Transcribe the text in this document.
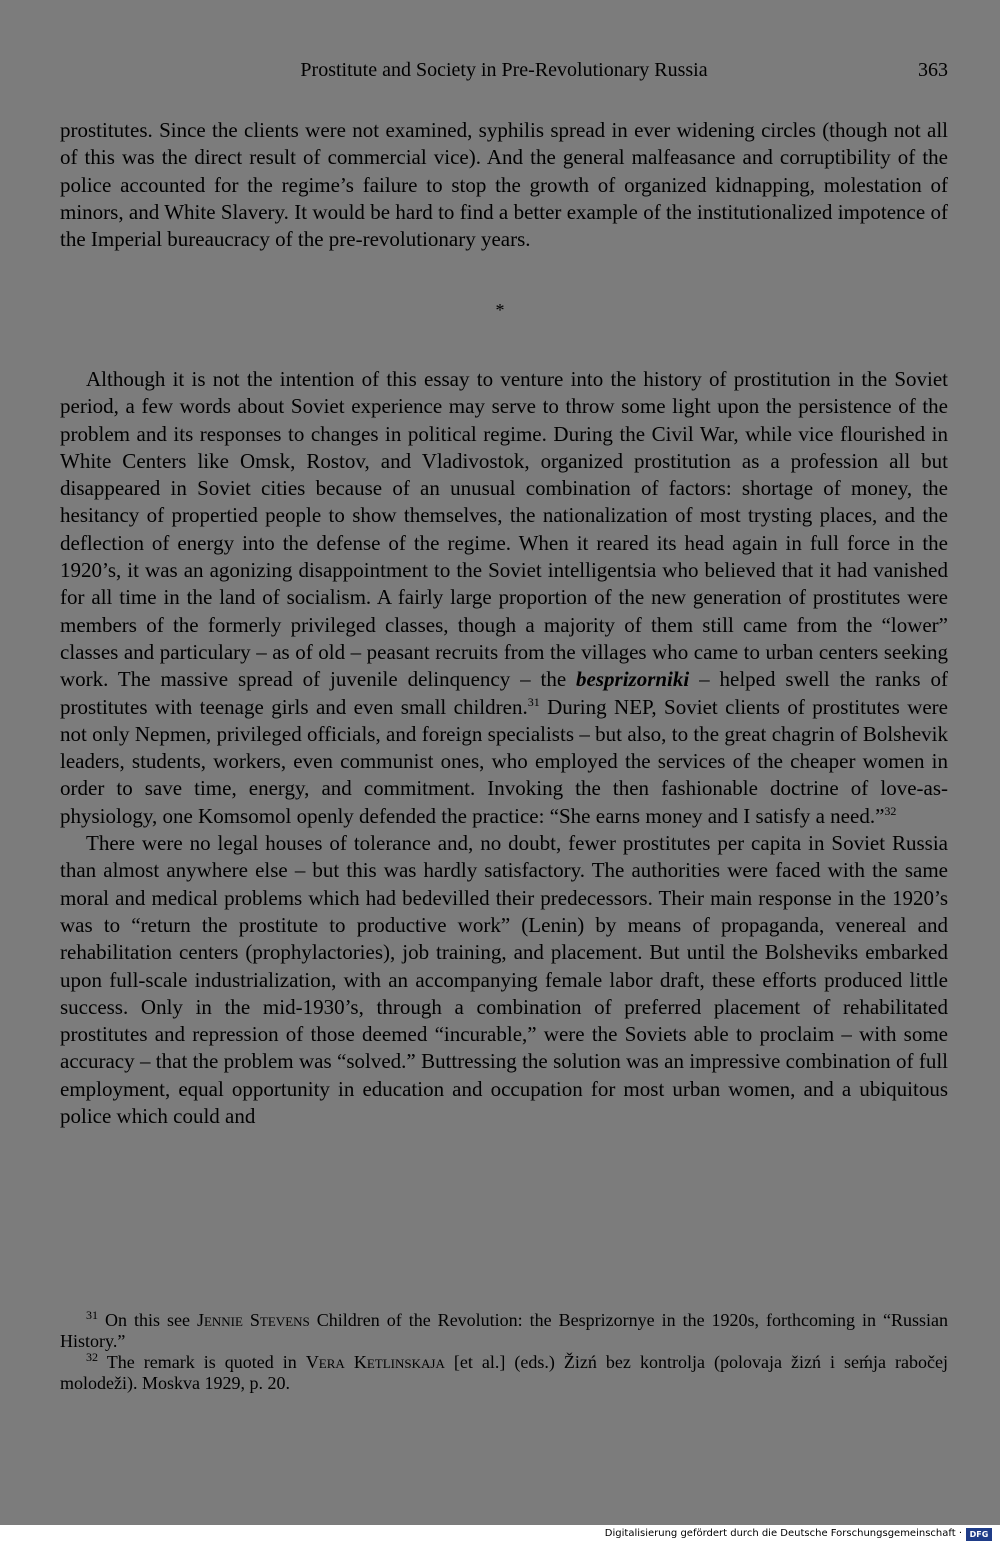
Prostitute and Society in Pre-Revolutionary Russia	363

prostitutes. Since the clients were not examined, syphilis spread in ever widening circles (though not all of this was the direct result of commercial vice). And the general malfeasance and corruptibility of the police accounted for the regime’s failure to stop the growth of organized kidnapping, molestation of minors, and White Slavery. It would be hard to find a better example of the institutionalized impotence of the Imperial bureaucracy of the pre-revolutionary years.

*

Although it is not the intention of this essay to venture into the history of prostitution in the Soviet period, a few words about Soviet experience may serve to throw some light upon the persistence of the problem and its responses to changes in political regime. During the Civil War, while vice flourished in White Centers like Omsk, Rostov, and Vladivostok, organized prostitution as a profession all but disappeared in Soviet cities because of an unusual combination of factors: shortage of money, the hesitancy of propertied people to show themselves, the nationalization of most trysting places, and the deflection of energy into the defense of the regime. When it reared its head again in full force in the 1920’s, it was an agonizing disappointment to the Soviet intelligentsia who believed that it had vanished for all time in the land of socialism. A fairly large proportion of the new generation of prostitutes were members of the formerly privileged classes, though a majority of them still came from the “lower” classes and particulary – as of old – peasant recruits from the villages who came to urban centers seeking work. The massive spread of juvenile delinquency – the besprizorniki – helped swell the ranks of prostitutes with teenage girls and even small children.$^{31}$ During NEP, Soviet clients of prostitutes were not only Nepmen, privileged officials, and foreign specialists – but also, to the great chagrin of Bolshevik leaders, students, workers, even communist ones, who employed the services of the cheaper women in order to save time, energy, and commitment. Invoking the then fashionable doctrine of love-as-physiology, one Komsomol openly defended the practice: “She earns money and I satisfy a need.”$^{32}$

There were no legal houses of tolerance and, no doubt, fewer prostitutes per capita in Soviet Russia than almost anywhere else – but this was hardly satisfactory. The authorities were faced with the same moral and medical problems which had bedevilled their predecessors. Their main response in the 1920’s was to “return the prostitute to productive work” (Lenin) by means of propaganda, venereal and rehabilitation centers (prophylactories), job training, and placement. But until the Bolsheviks embarked upon full-scale industrialization, with an accompanying female labor draft, these efforts produced little success. Only in the mid-1930’s, through a combination of preferred placement of rehabilitated prostitutes and repression of those deemed “incurable,” were the Soviets able to proclaim – with some accuracy – that the problem was “solved.” Buttressing the solution was an impressive combination of full employment, equal opportunity in education and occupation for most urban women, and a ubiquitous police which could and

$^{31}$ On this see Jennie Stevens Children of the Revolution: the Besprizornye in the 1920s, forthcoming in “Russian History.”

$^{32}$ The remark is quoted in Vera Ketlinskaja [et al.] (eds.) Žizń bez kontrolja (polovaja žizń i seḿja rabočej molodeži). Moskva 1929, p. 20.

Digitalisierung gefördert durch die Deutsche Forschungsgemeinschaft · DFG
